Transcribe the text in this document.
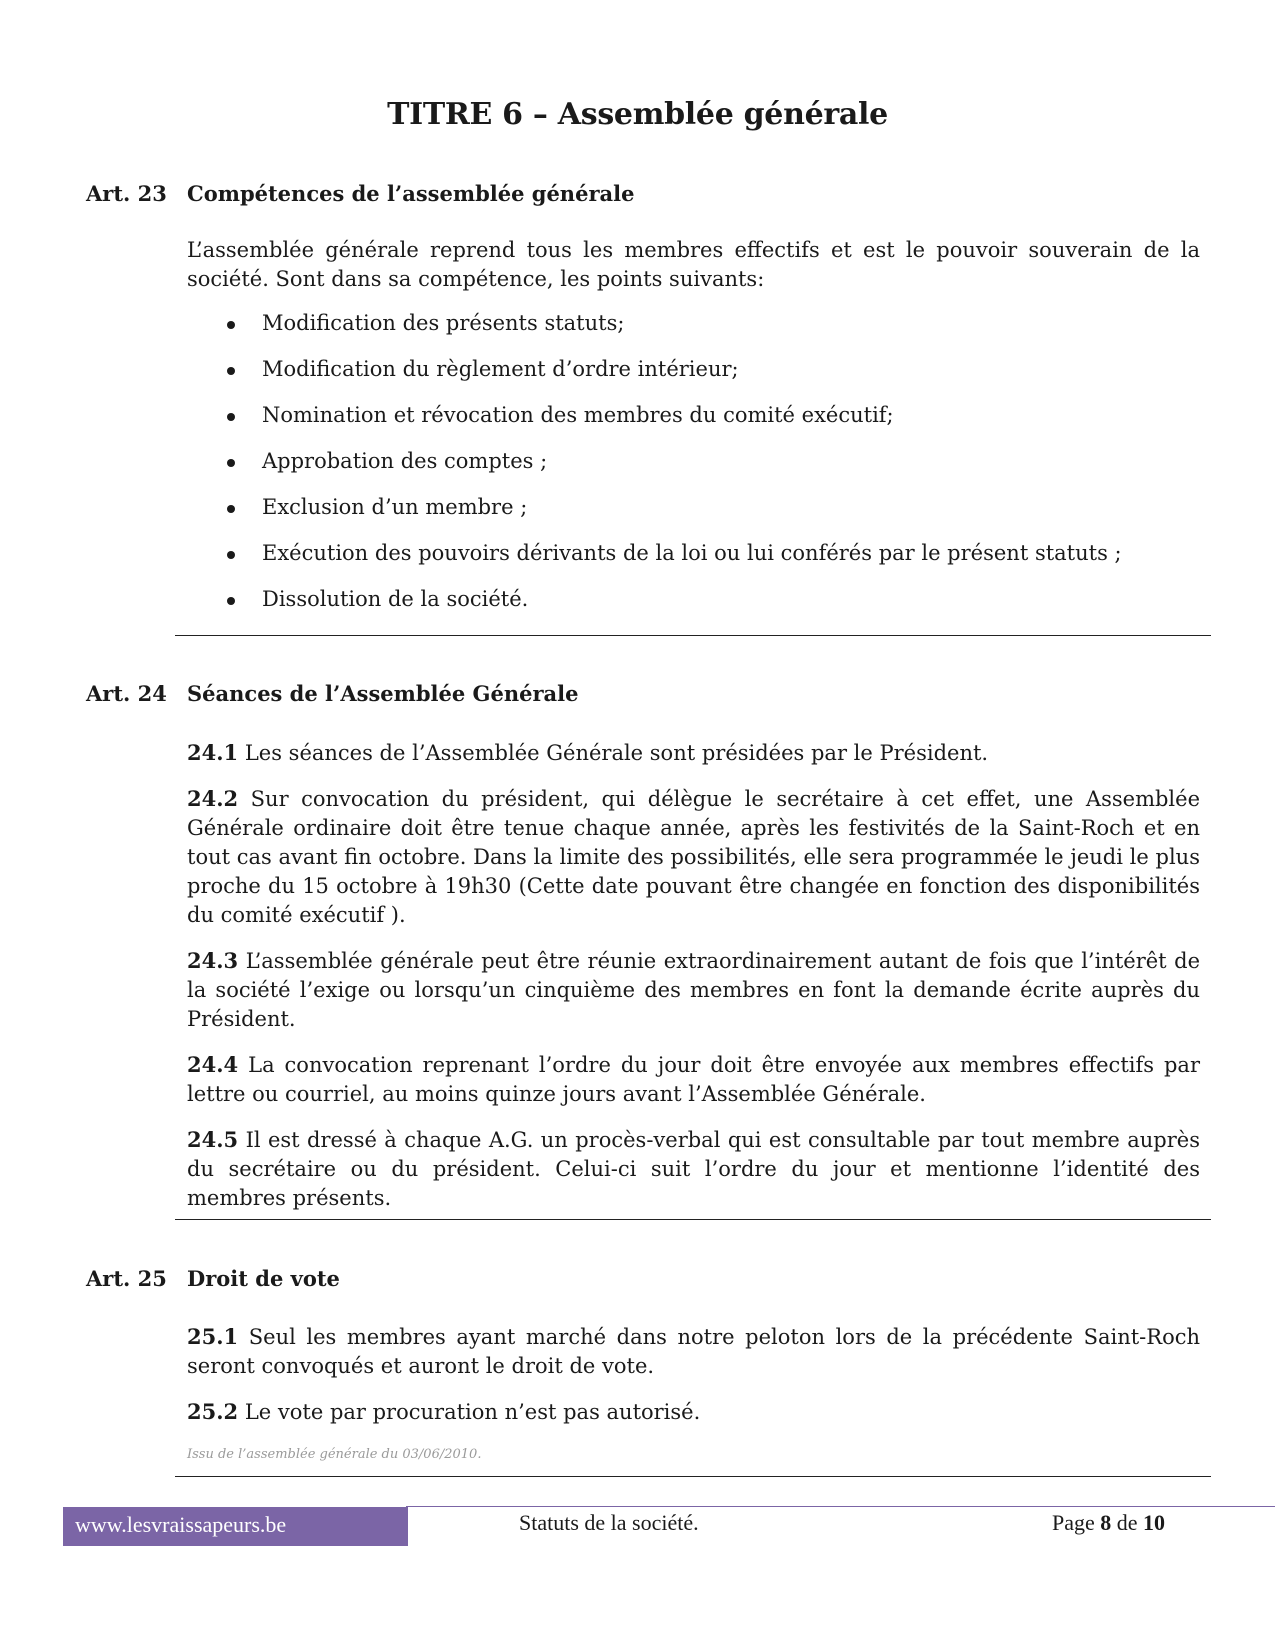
TITRE 6 – Assemblée générale
Art. 23 Compétences de l’assemblée générale

L’assemblée générale reprend tous les membres effectifs et est le pouvoir souverain de la société. Sont dans sa compétence, les points suivants:

Modification des présents statuts;
Modification du règlement d’ordre intérieur;
Nomination et révocation des membres du comité exécutif;
Approbation des comptes ;
Exclusion d’un membre ;
Exécution des pouvoirs dérivants de la loi ou lui conférés par le présent statuts ;
Dissolution de la société.
Art. 24 Séances de l’Assemblée Générale

24.1 Les séances de l’Assemblée Générale sont présidées par le Président.

24.2 Sur convocation du président, qui délègue le secrétaire à cet effet, une Assemblée Générale ordinaire doit être tenue chaque année, après les festivités de la Saint-Roch et en tout cas avant fin octobre. Dans la limite des possibilités, elle sera programmée le jeudi le plus proche du 15 octobre à 19h30 (Cette date pouvant être changée en fonction des disponibilités du comité exécutif ).

24.3 L’assemblée générale peut être réunie extraordinairement autant de fois que l’intérêt de la société l’exige ou lorsqu’un cinquième des membres en font la demande écrite auprès du Président.

24.4 La convocation reprenant l’ordre du jour doit être envoyée aux membres effectifs par lettre ou courriel, au moins quinze jours avant l’Assemblée Générale.

24.5 Il est dressé à chaque A.G. un procès-verbal qui est consultable par tout membre auprès du secrétaire ou du président. Celui-ci suit l’ordre du jour et mentionne l’identité des membres présents.

Art. 25 Droit de vote

25.1 Seul les membres ayant marché dans notre peloton lors de la précédente Saint-Roch seront convoqués et auront le droit de vote.

25.2 Le vote par procuration n’est pas autorisé.

Issu de l’assemblée générale du 03/06/2010.
www.lesvraissapeurs.be	Statuts de la société.	Page 8 de 10
